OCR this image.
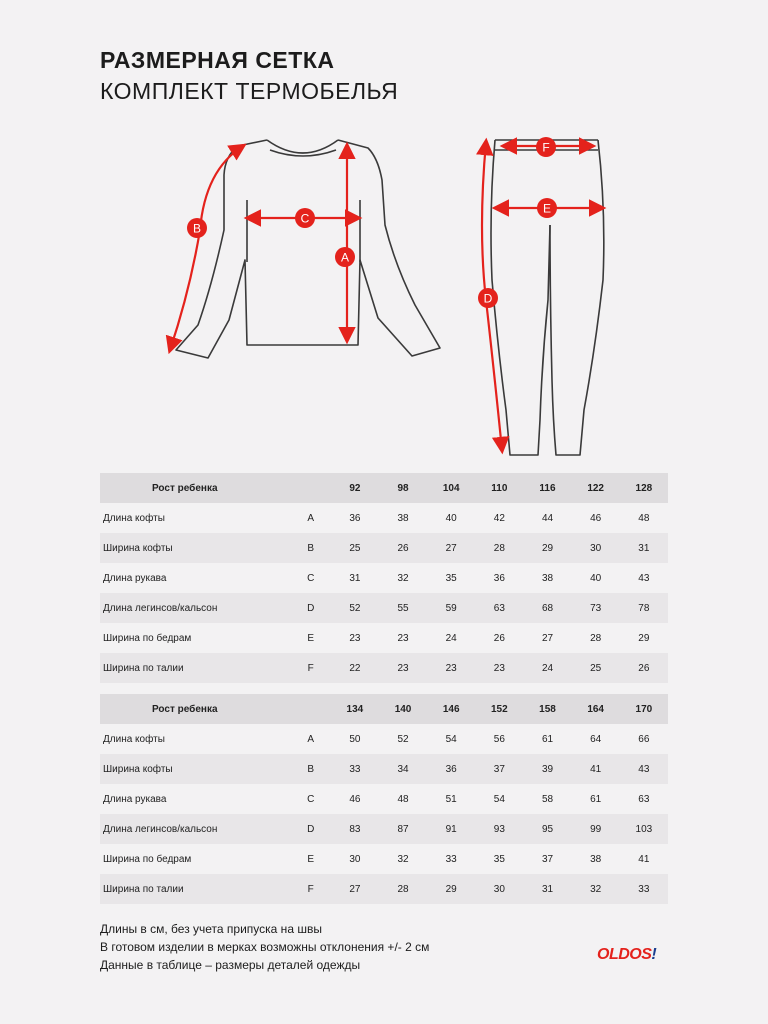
РАЗМЕРНАЯ СЕТКА
КОМПЛЕКТ ТЕРМОБЕЛЬЯ
A
B
C
D
E
F
Рост ребенка		92	98	104	110	116	122	128
Длина кофты	A	36	38	40	42	44	46	48
Ширина кофты	B	25	26	27	28	29	30	31
Длина рукава	C	31	32	35	36	38	40	43
Длина легинсов/кальсон	D	52	55	59	63	68	73	78
Ширина по бедрам	E	23	23	24	26	27	28	29
Ширина по талии	F	22	23	23	23	24	25	26
Рост ребенка		134	140	146	152	158	164	170
Длина кофты	A	50	52	54	56	61	64	66
Ширина кофты	B	33	34	36	37	39	41	43
Длина рукава	C	46	48	51	54	58	61	63
Длина легинсов/кальсон	D	83	87	91	93	95	99	103
Ширина по бедрам	E	30	32	33	35	37	38	41
Ширина по талии	F	27	28	29	30	31	32	33
Длины в см, без учета припуска на швы
В готовом изделии в мерках возможны отклонения +/- 2 см
Данные в таблице – размеры деталей одежды
OLDOS!
